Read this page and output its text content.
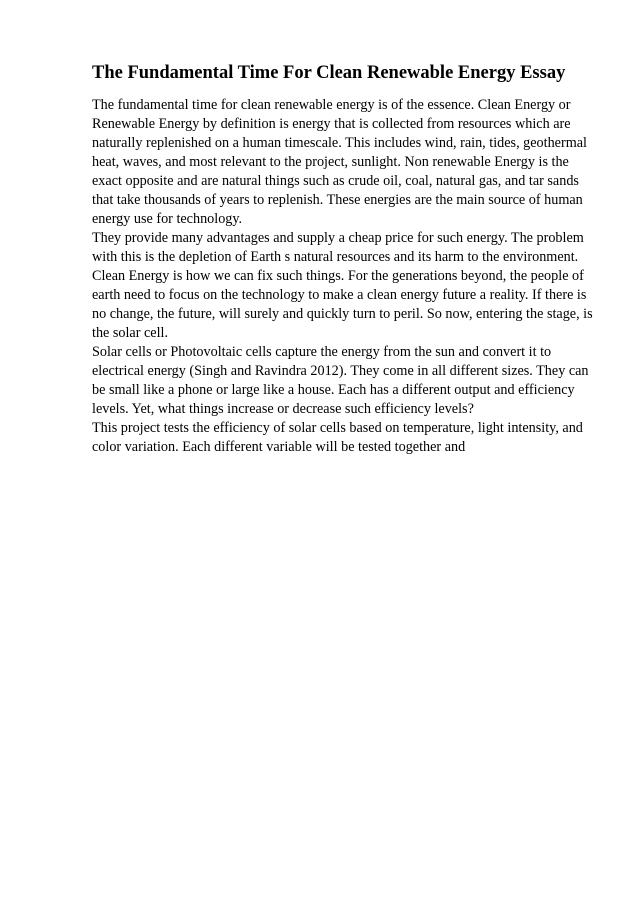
The Fundamental Time For Clean Renewable Energy Essay

The fundamental time for clean renewable energy is of the essence. Clean Energy or Renewable Energy by definition is energy that is collected from resources which are naturally replenished on a human timescale. This includes wind, rain, tides, geothermal heat, waves, and most relevant to the project, sunlight. Non renewable Energy is the exact opposite and are natural things such as crude oil, coal, natural gas, and tar sands that take thousands of years to replenish. These energies are the main source of human energy use for technology.

They provide many advantages and supply a cheap price for such energy. The problem with this is the depletion of Earth s natural resources and its harm to the environment. Clean Energy is how we can fix such things. For the generations beyond, the people of earth need to focus on the technology to make a clean energy future a reality. If there is no change, the future, will surely and quickly turn to peril. So now, entering the stage, is the solar cell.

Solar cells or Photovoltaic cells capture the energy from the sun and convert it to electrical energy (Singh and Ravindra 2012). They come in all different sizes. They can be small like a phone or large like a house. Each has a different output and efficiency levels. Yet, what things increase or decrease such efficiency levels?

This project tests the efficiency of solar cells based on temperature, light intensity, and color variation. Each different variable will be tested together and
